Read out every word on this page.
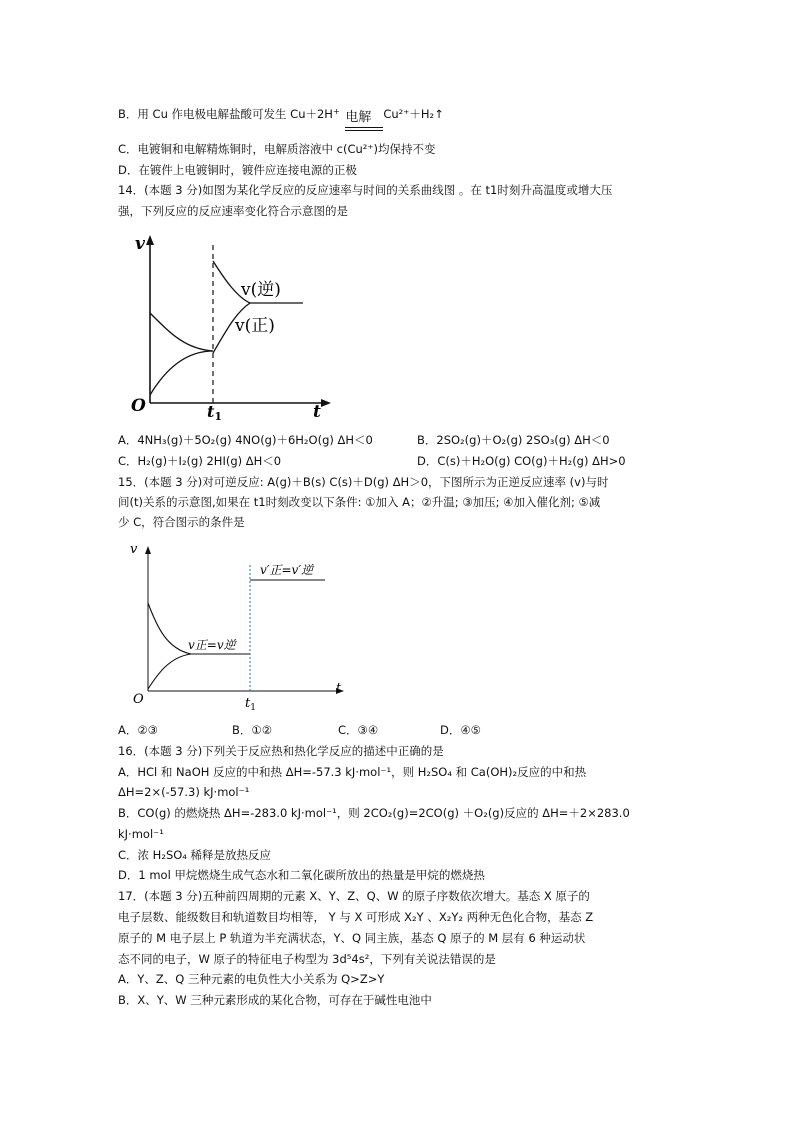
B．用 Cu 作电极电解盐酸可发生 Cu＋2H+ 电解 Cu²⁺＋H₂↑
C．电镀铜和电解精炼铜时，电解质溶液中 c(Cu²⁺)均保持不变
D．在镀件上电镀铜时，镀件应连接电源的正极
14．(本题 3 分)如图为某化学反应的反应速率与时间的关系曲线图 。在 t1时刻升高温度或增大压
强，下列反应的反应速率变化符合示意图的是
v
O	t
t1
v(逆)
v(正)
A．4NH₃(g)＋5O₂(g) 4NO(g)＋6H₂O(g) ΔH＜0	B．2SO₂(g)＋O₂(g) 2SO₃(g) ΔH＜0
C．H₂(g)＋I₂(g) 2HI(g) ΔH＜0	D．C(s)＋H₂O(g) CO(g)＋H₂(g) ΔH>0
15．(本题 3 分)对可逆反应: A(g)＋B(s) C(s)＋D(g) ΔH＞0，下图所示为正逆反应速率 (v)与时
间(t)关系的示意图,如果在 t1时刻改变以下条件: ①加入 A；②升温; ③加压; ④加入催化剂; ⑤减
少 C，符合图示的条件是
v
O
t
$t_1$
v′正=v′逆
v正=v逆
A．②③	B．①②	C．③④	D．④⑤
16．(本题 3 分)下列关于反应热和热化学反应的描述中正确的是
A．HCl 和 NaOH 反应的中和热 ΔH=-57.3 kJ·mol⁻¹，则 H₂SO₄ 和 Ca(OH)₂反应的中和热
ΔH=2×(-57.3) kJ·mol⁻¹
B．CO(g) 的燃烧热 ΔH=-283.0 kJ·mol⁻¹，则 2CO₂(g)=2CO(g) ＋O₂(g)反应的 ΔH=＋2×283.0
kJ·mol⁻¹
C．浓 H₂SO₄ 稀释是放热反应
D．1 mol 甲烷燃烧生成气态水和二氧化碳所放出的热量是甲烷的燃烧热
17．(本题 3 分)五种前四周期的元素 X、Y、Z、Q、W 的原子序数依次增大。基态 X 原子的
电子层数、能级数目和轨道数目均相等， Y 与 X 可形成 X₂Y 、X₂Y₂ 两种无色化合物，基态 Z
原子的 M 电子层上 P 轨道为半充满状态，Y、Q 同主族，基态 Q 原子的 M 层有 6 种运动状
态不同的电子，W 原子的特征电子构型为 3d⁵4s²，下列有关说法错误的是
A．Y、Z、Q 三种元素的电负性大小关系为 Q>Z>Y
B．X、Y、W 三种元素形成的某化合物，可存在于碱性电池中
